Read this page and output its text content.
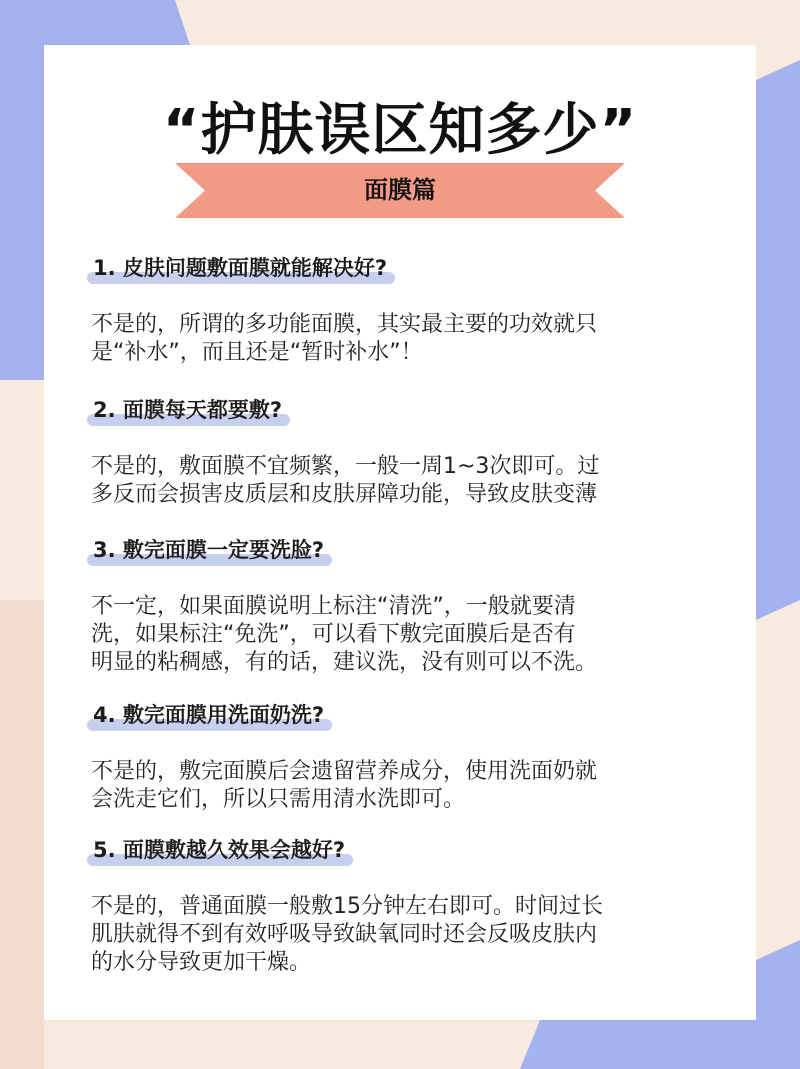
“护肤误区知多少”
面膜篇
1. 皮肤问题敷面膜就能解决好?
不是的，所谓的多功能面膜，其实最主要的功效就只
是“补水”，而且还是“暂时补水”！
2. 面膜每天都要敷?
不是的，敷面膜不宜频繁，一般一周1~3次即可。过
多反而会损害皮质层和皮肤屏障功能，导致皮肤变薄
3. 敷完面膜一定要洗脸?
不一定，如果面膜说明上标注“清洗”，一般就要清
洗，如果标注“免洗”，可以看下敷完面膜后是否有
明显的粘稠感，有的话，建议洗，没有则可以不洗。
4. 敷完面膜用洗面奶洗?
不是的，敷完面膜后会遗留营养成分，使用洗面奶就
会洗走它们，所以只需用清水洗即可。
5. 面膜敷越久效果会越好?
不是的，普通面膜一般敷15分钟左右即可。时间过长
肌肤就得不到有效呼吸导致缺氧同时还会反吸皮肤内
的水分导致更加干燥。
